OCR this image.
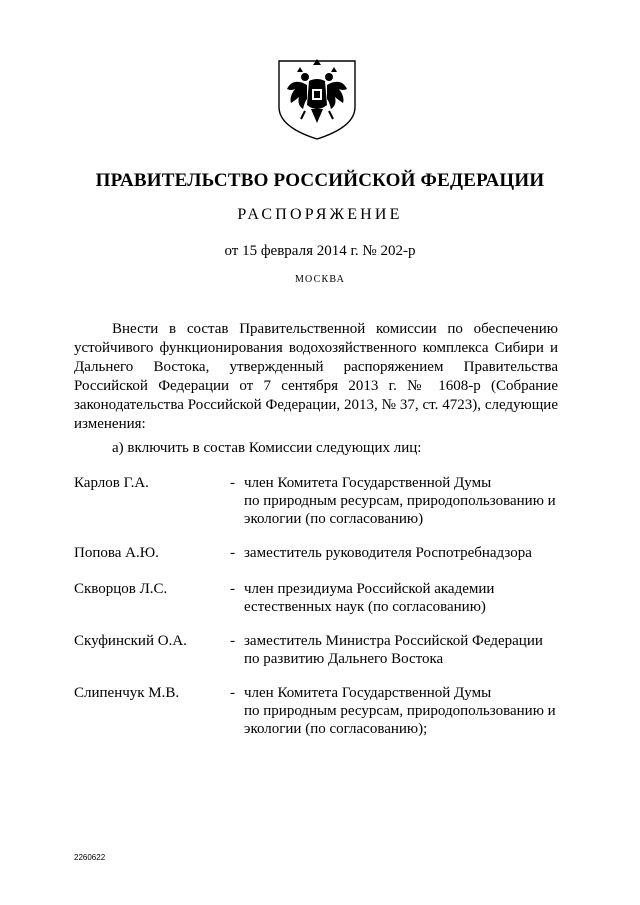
ПРАВИТЕЛЬСТВО РОССИЙСКОЙ ФЕДЕРАЦИИ
РАСПОРЯЖЕНИЕ
от 15 февраля 2014 г. № 202-р
МОСКВА

Внести в состав Правительственной комиссии по обеспечению устойчивого функционирования водохозяйственного комплекса Сибири и Дальнего Востока, утвержденный распоряжением Правительства Российской Федерации от 7 сентября 2013 г. № 1608-р (Собрание законодательства Российской Федерации, 2013, № 37, ст. 4723), следующие изменения:

а) включить в состав Комиссии следующих лиц:
Карлов Г.А.	- член Комитета Государственной Думы
по природным ресурсам, природопользованию и
экологии (по согласованию)
Попова А.Ю.	- заместитель руководителя Роспотребнадзора
Скворцов Л.С.	- член президиума Российской академии
естественных наук (по согласованию)
Скуфинский О.А.	- заместитель Министра Российской Федерации
по развитию Дальнего Востока
Слипенчук М.В.	- член Комитета Государственной Думы
по природным ресурсам, природопользованию и
экологии (по согласованию);
2260622
